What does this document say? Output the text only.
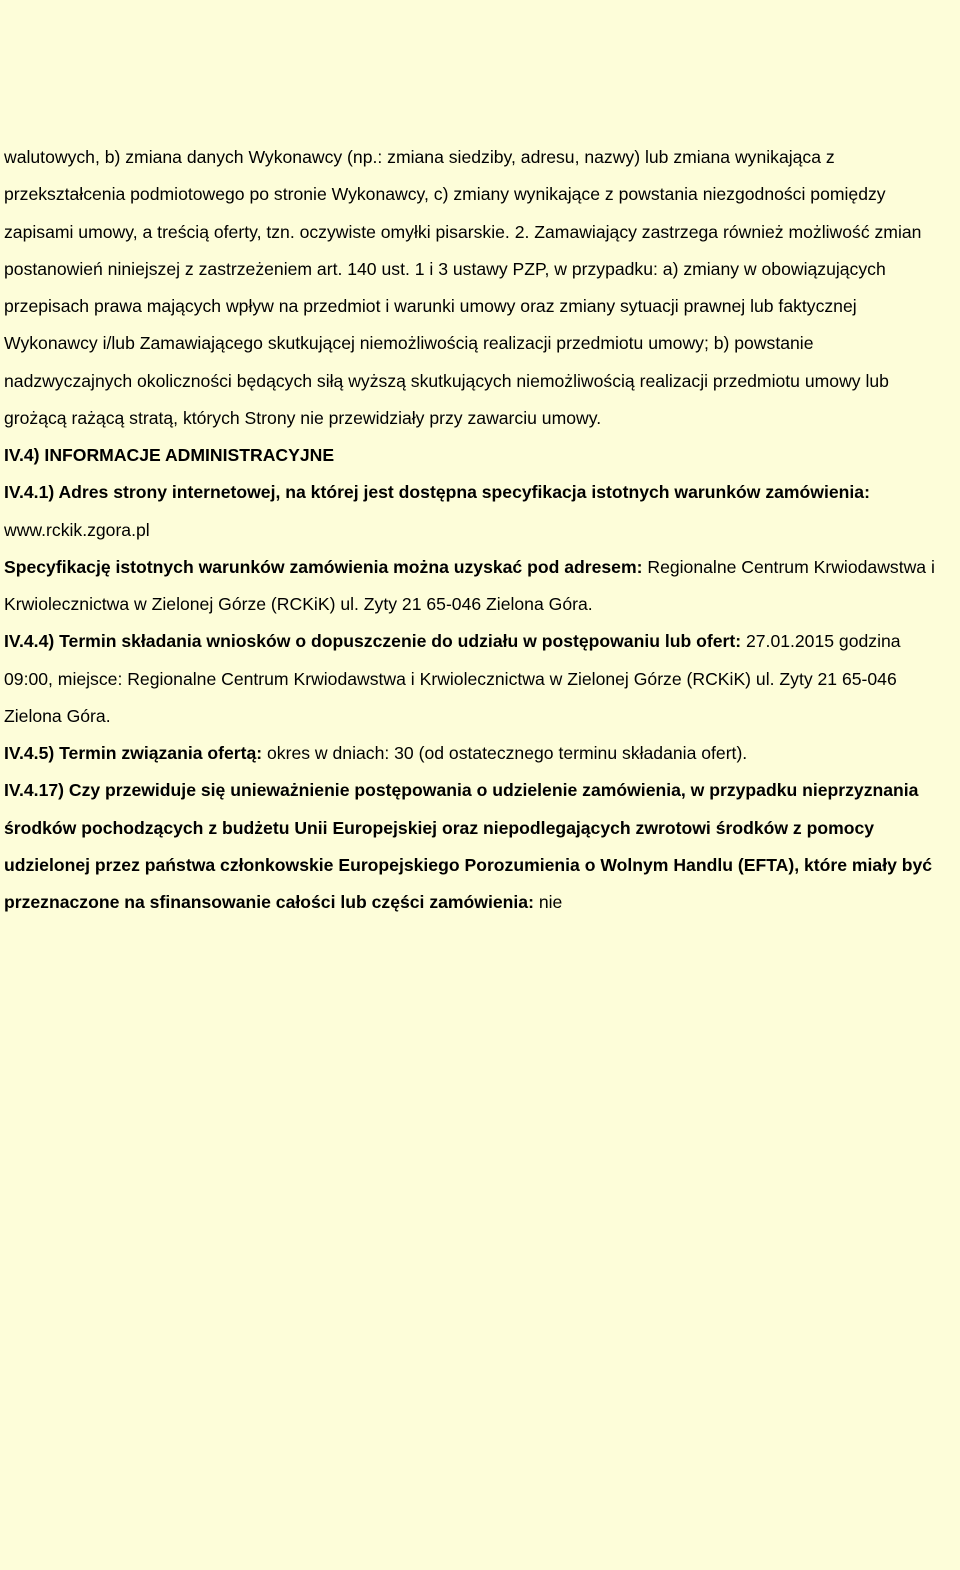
walutowych, b) zmiana danych Wykonawcy (np.: zmiana siedziby, adresu, nazwy) lub zmiana wynikająca z przekształcenia podmiotowego po stronie Wykonawcy, c) zmiany wynikające z powstania niezgodności pomiędzy zapisami umowy, a treścią oferty, tzn. oczywiste omyłki pisarskie. 2. Zamawiający zastrzega również możliwość zmian postanowień niniejszej z zastrzeżeniem art. 140 ust. 1 i 3 ustawy PZP, w przypadku: a) zmiany w obowiązujących przepisach prawa mających wpływ na przedmiot i warunki umowy oraz zmiany sytuacji prawnej lub faktycznej Wykonawcy i/lub Zamawiającego skutkującej niemożliwością realizacji przedmiotu umowy; b) powstanie nadzwyczajnych okoliczności będących siłą wyższą skutkujących niemożliwością realizacji przedmiotu umowy lub grożącą rażącą stratą, których Strony nie przewidziały przy zawarciu umowy.

IV.4) INFORMACJE ADMINISTRACYJNE

IV.4.1) Adres strony internetowej, na której jest dostępna specyfikacja istotnych warunków zamówienia: www.rckik.zgora.pl

Specyfikację istotnych warunków zamówienia można uzyskać pod adresem: Regionalne Centrum Krwiodawstwa i Krwiolecznictwa w Zielonej Górze (RCKiK) ul. Zyty 21 65-046 Zielona Góra.

IV.4.4) Termin składania wniosków o dopuszczenie do udziału w postępowaniu lub ofert: 27.01.2015 godzina 09:00, miejsce: Regionalne Centrum Krwiodawstwa i Krwiolecznictwa w Zielonej Górze (RCKiK) ul. Zyty 21 65-046 Zielona Góra.

IV.4.5) Termin związania ofertą: okres w dniach: 30 (od ostatecznego terminu składania ofert).

IV.4.17) Czy przewiduje się unieważnienie postępowania o udzielenie zamówienia, w przypadku nieprzyznania środków pochodzących z budżetu Unii Europejskiej oraz niepodlegających zwrotowi środków z pomocy udzielonej przez państwa członkowskie Europejskiego Porozumienia o Wolnym Handlu (EFTA), które miały być przeznaczone na sfinansowanie całości lub części zamówienia: nie
